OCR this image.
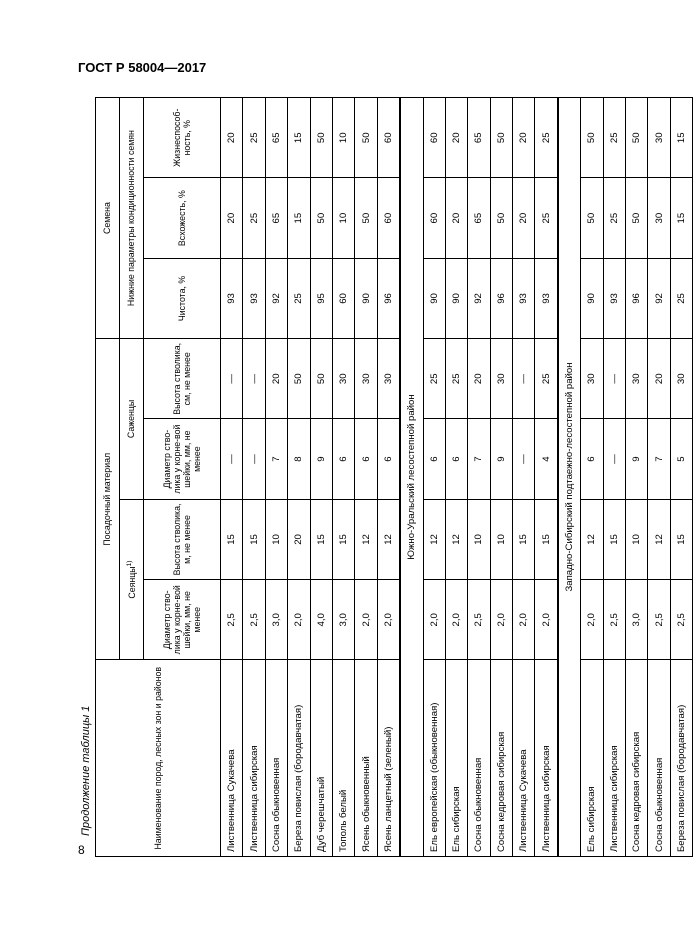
ГОСТ Р 58004—2017
8
Продолжение таблицы 1	Наименование пород, лесных зон и районов	Посадочный материал				Семена		
	Сеянцы$^{1)}$		Саженцы		Нижние параметры кондиционности семян		
	Диаметр ство-лика у корне-вой шейки, мм, не менее	Высота стволика, м, не менее	Диаметр ство-лика у корне-вой шейки, мм, не менее	Высота стволика, см, не менее	Чистота, %	Всхожесть, %	Жизнеспособ-ность, %
Лиственница Сукачева	2,5	15	—	—	93	20	20
Лиственница сибирская	2,5	15	—	—	93	25	25
Сосна обыкновенная	3,0	10	7	20	92	65	65
Береза повислая (бородавчатая)	2,0	20	8	50	25	15	15
Дуб черешчатый	4,0	15	9	50	95	50	50
Тополь белый	3,0	15	6	30	60	10	10
Ясень обыкновенный	2,0	12	6	30	90	50	50
Ясень ланцетный (зеленый)	2,0	12	6	30	96	60	60
Южно-Уральский лесостепной район							
Ель европейская (обыкновенная)	2,0	12	6	25	90	60	60
Ель сибирская	2,0	12	6	25	90	20	20
Сосна обыкновенная	2,5	10	7	20	92	65	65
Сосна кедровая сибирская	2,0	10	9	30	96	50	50
Лиственница Сукачева	2,0	15	—	—	93	20	20
Лиственница сибирская	2,0	15	4	25	93	25	25
Западно-Сибирский подтаежно-лесостепной район							
Ель сибирская	2,0	12	6	30	90	50	50
Лиственница сибирская	2,5	15	—	—	93	25	25
Сосна кедровая сибирская	3,0	10	9	30	96	50	50
Сосна обыкновенная	2,5	12	7	20	92	30	30
Береза повислая (бородавчатая)	2,5	15	5	30	25	15	15
